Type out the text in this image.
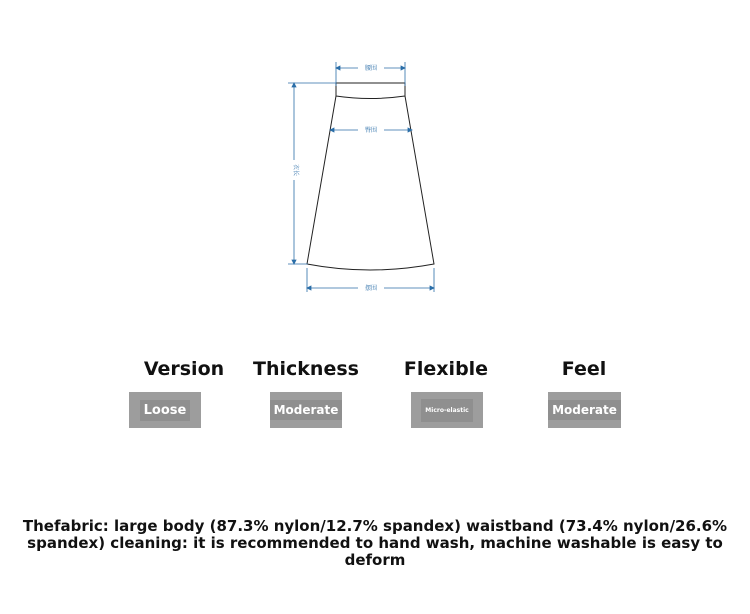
腰围
臀围
衣长
摆围
Version
Loose
Thickness
Moderate
Flexible
Micro-elastic
Feel
Moderate
Thefabric: large body (87.3% nylon/12.7% spandex) waistband (73.4% nylon/26.6%
spandex) cleaning: it is recommended to hand wash, machine washable is easy to deform
